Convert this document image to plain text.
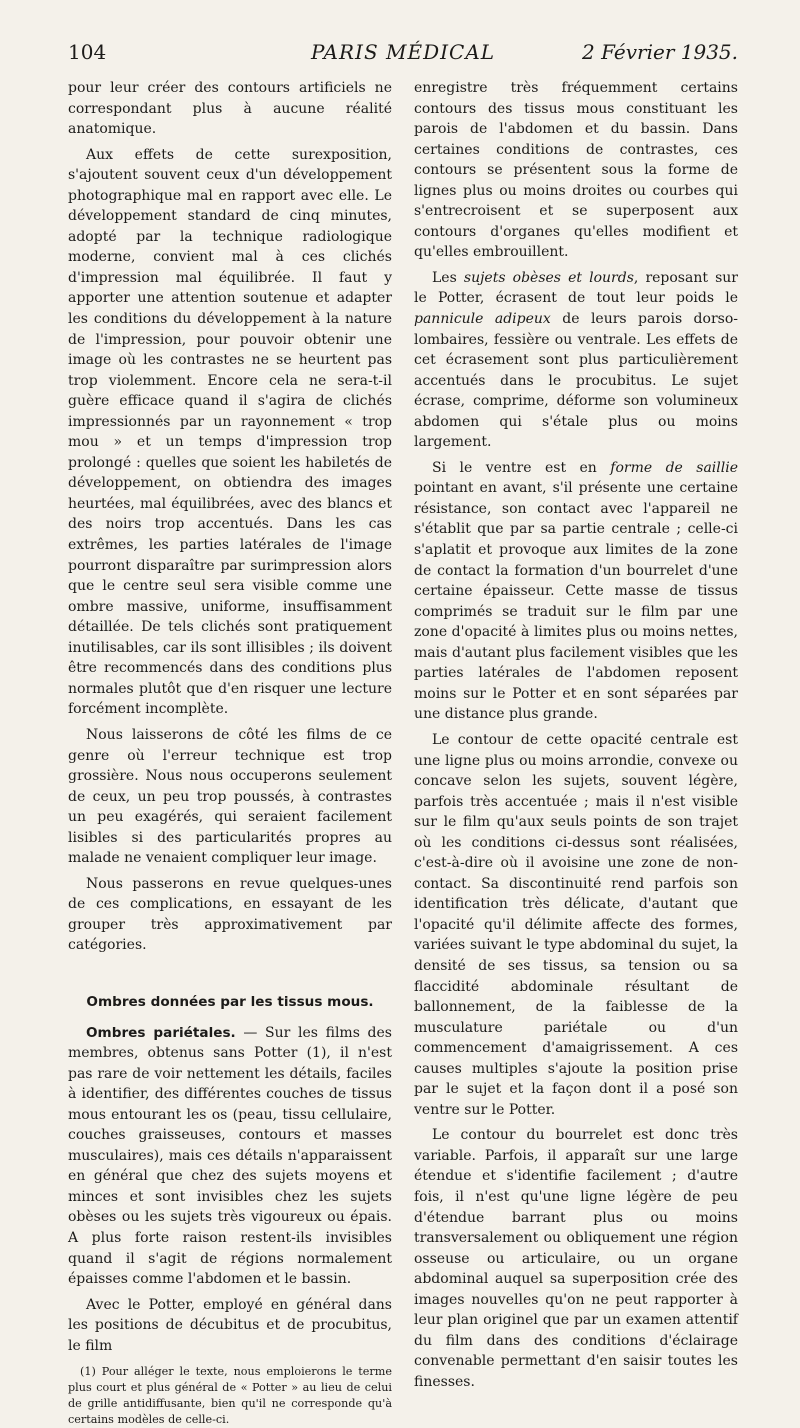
104	PARIS MÉDICAL	2 Février 1935.

pour leur créer des contours artificiels ne correspondant plus à aucune réalité anatomique.

Aux effets de cette surexposition, s'ajoutent souvent ceux d'un développement photographique mal en rapport avec elle. Le développement standard de cinq minutes, adopté par la technique radiologique moderne, convient mal à ces clichés d'impression mal équilibrée. Il faut y apporter une attention soutenue et adapter les conditions du développement à la nature de l'impression, pour pouvoir obtenir une image où les contrastes ne se heurtent pas trop violemment. Encore cela ne sera-t-il guère efficace quand il s'agira de clichés impressionnés par un rayonnement « trop mou » et un temps d'impression trop prolongé : quelles que soient les habiletés de développement, on obtiendra des images heurtées, mal équilibrées, avec des blancs et des noirs trop accentués. Dans les cas extrêmes, les parties latérales de l'image pourront disparaître par surimpression alors que le centre seul sera visible comme une ombre massive, uniforme, insuffisamment détaillée. De tels clichés sont pratiquement inutilisables, car ils sont illisibles ; ils doivent être recommencés dans des conditions plus normales plutôt que d'en risquer une lecture forcément incomplète.

Nous laisserons de côté les films de ce genre où l'erreur technique est trop grossière. Nous nous occuperons seulement de ceux, un peu trop poussés, à contrastes un peu exagérés, qui seraient facilement lisibles si des particularités propres au malade ne venaient compliquer leur image.

Nous passerons en revue quelques-unes de ces complications, en essayant de les grouper très approximativement par catégories.

Ombres données par les tissus mous.

Ombres pariétales. — Sur les films des membres, obtenus sans Potter (1), il n'est pas rare de voir nettement les détails, faciles à identifier, des différentes couches de tissus mous entourant les os (peau, tissu cellulaire, couches graisseuses, contours et masses musculaires), mais ces détails n'apparaissent en général que chez des sujets moyens et minces et sont invisibles chez les sujets obèses ou les sujets très vigoureux ou épais. A plus forte raison restent-ils invisibles quand il s'agit de régions normalement épaisses comme l'abdomen et le bassin.

Avec le Potter, employé en général dans les positions de décubitus et de procubitus, le film

(1) Pour alléger le texte, nous emploierons le terme plus court et plus général de « Potter » au lieu de celui de grille antidiffusante, bien qu'il ne corresponde qu'à certains modèles de celle-ci.

enregistre très fréquemment certains contours des tissus mous constituant les parois de l'abdomen et du bassin. Dans certaines conditions de contrastes, ces contours se présentent sous la forme de lignes plus ou moins droites ou courbes qui s'entrecroisent et se superposent aux contours d'organes qu'elles modifient et qu'elles embrouillent.

Les sujets obèses et lourds, reposant sur le Potter, écrasent de tout leur poids le pannicule adipeux de leurs parois dorso-lombaires, fessière ou ventrale. Les effets de cet écrasement sont plus particulièrement accentués dans le procubitus. Le sujet écrase, comprime, déforme son volumineux abdomen qui s'étale plus ou moins largement.

Si le ventre est en forme de saillie pointant en avant, s'il présente une certaine résistance, son contact avec l'appareil ne s'établit que par sa partie centrale ; celle-ci s'aplatit et provoque aux limites de la zone de contact la formation d'un bourrelet d'une certaine épaisseur. Cette masse de tissus comprimés se traduit sur le film par une zone d'opacité à limites plus ou moins nettes, mais d'autant plus facilement visibles que les parties latérales de l'abdomen reposent moins sur le Potter et en sont séparées par une distance plus grande.

Le contour de cette opacité centrale est une ligne plus ou moins arrondie, convexe ou concave selon les sujets, souvent légère, parfois très accentuée ; mais il n'est visible sur le film qu'aux seuls points de son trajet où les conditions ci-dessus sont réalisées, c'est-à-dire où il avoisine une zone de non-contact. Sa discontinuité rend parfois son identification très délicate, d'autant que l'opacité qu'il délimite affecte des formes, variées suivant le type abdominal du sujet, la densité de ses tissus, sa tension ou sa flaccidité abdominale résultant de ballonnement, de la faiblesse de la musculature pariétale ou d'un commencement d'amaigrissement. A ces causes multiples s'ajoute la position prise par le sujet et la façon dont il a posé son ventre sur le Potter.

Le contour du bourrelet est donc très variable. Parfois, il apparaît sur une large étendue et s'identifie facilement ; d'autre fois, il n'est qu'une ligne légère de peu d'étendue barrant plus ou moins transversalement ou obliquement une région osseuse ou articulaire, ou un organe abdominal auquel sa superposition crée des images nouvelles qu'on ne peut rapporter à leur plan originel que par un examen attentif du film dans des conditions d'éclairage convenable permettant d'en saisir toutes les finesses.
